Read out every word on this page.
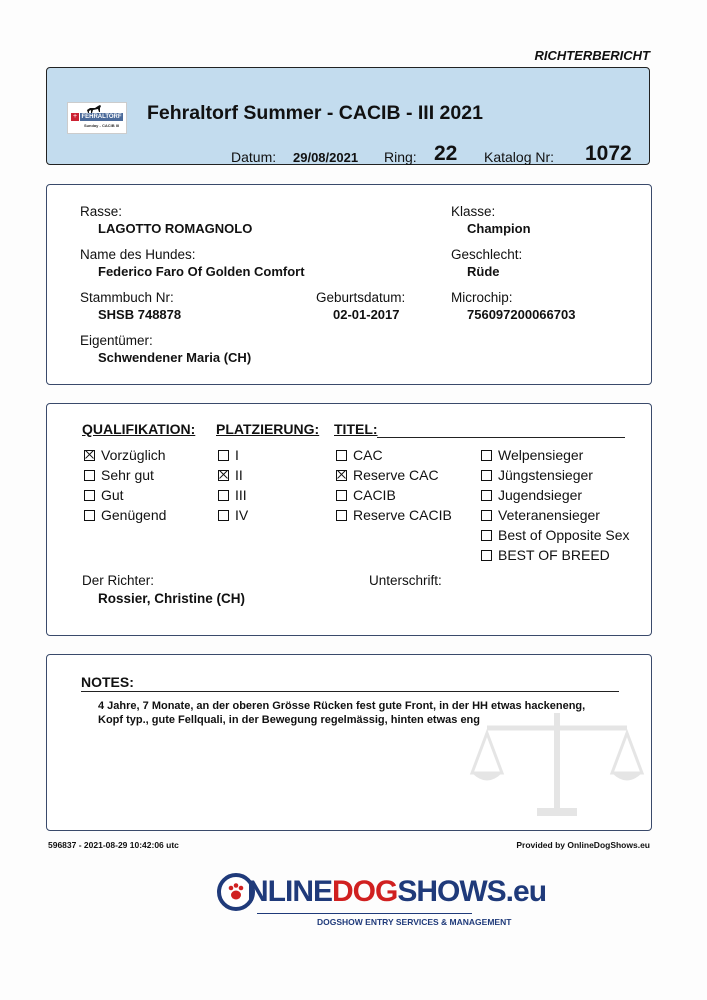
RICHTERBERICHT
+ FEHRALTORF
Sunday - CACIB III
Fehraltorf Summer - CACIB - III 2021
Datum: 29/08/2021 Ring: 22 Katalog Nr: 1072
Rasse:
LAGOTTO ROMAGNOLO
Klasse:
Champion
Name des Hundes:
Federico Faro Of Golden Comfort
Geschlecht:
Rüde
Stammbuch Nr:
SHSB 748878
Geburtsdatum:
02-01-2017
Microchip:
756097200066703
Eigentümer:
Schwendener Maria (CH)
QUALIFIKATION: PLATZIERUNG: TITEL:
Vorzüglich
Sehr gut
Gut
Genügend
I
II
III
IV
CAC
Reserve CAC
CACIB
Reserve CACIB
Welpensieger
Jüngstensieger
Jugendsieger
Veteranensieger
Best of Opposite Sex
BEST OF BREED
Der Richter:
Rossier, Christine (CH)
Unterschrift:
NOTES:
4 Jahre, 7 Monate, an der oberen Grösse Rücken fest gute Front, in der HH etwas hackeneng, Kopf typ., gute Fellquali, in der Bewegung regelmässig, hinten etwas eng
596837 - 2021-08-29 10:42:06 utc	Provided by OnlineDogShows.eu
NLINEDOGSHOWS.eu
DOGSHOW ENTRY SERVICES & MANAGEMENT
